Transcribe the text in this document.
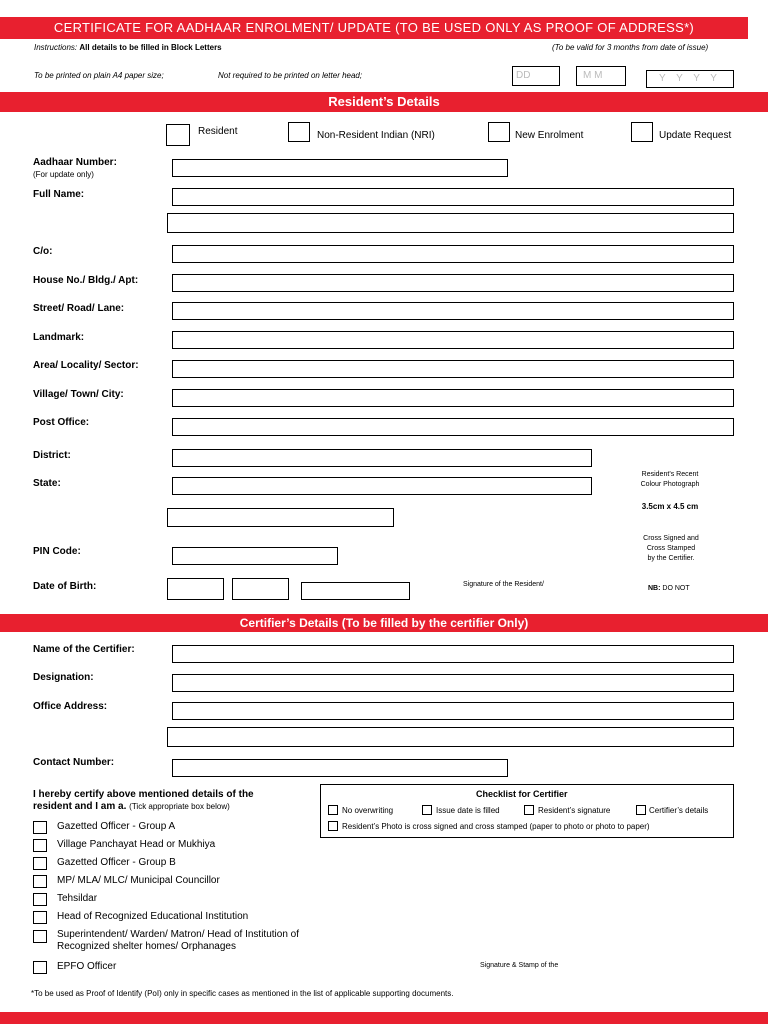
CERTIFICATE FOR AADHAAR ENROLMENT/ UPDATE (TO BE USED ONLY AS PROOF OF ADDRESS*)
Instructions: All details to be filled in Block Letters	(To be valid for 3 months from date of issue)
To be printed on plain A4 paper size;	Not required to be printed on letter head;	DD	M M	Y Y Y Y
Resident’s Details
Resident	Non-Resident Indian (NRI)	New Enrolment	Update Request
Aadhaar Number:
(For update only)
Full Name:
C/o:
House No./ Bldg./ Apt:
Street/ Road/ Lane:
Landmark:
Area/ Locality/ Sector:
Village/ Town/ City:
Post Office:
District:
State:
Resident’s Recent Colour Photograph
3.5cm x 4.5 cm
Cross Signed and Cross Stamped by the Certifier.
NB: DO NOT
PIN Code:
Date of Birth:	Signature of the Resident/
Certifier’s Details (To be filled by the certifier Only)
Name of the Certifier:
Designation:
Office Address:
Contact Number:
I hereby certify above mentioned details of the resident and I am a. (Tick appropriate box below)
Gazetted Officer - Group A
Village Panchayat Head or Mukhiya
Gazetted Officer - Group B
MP/ MLA/ MLC/ Municipal Councillor
Tehsildar
Head of Recognized Educational Institution
Superintendent/ Warden/ Matron/ Head of Institution of Recognized shelter homes/ Orphanages
EPFO Officer
Checklist for Certifier
No overwriting	Issue date is filled	Resident’s signature	Certifier’s details
Resident’s Photo is cross signed and cross stamped (paper to photo or photo to paper)
Signature & Stamp of the
*To be used as Proof of Identify (PoI) only in specific cases as mentioned in the list of applicable supporting documents.
